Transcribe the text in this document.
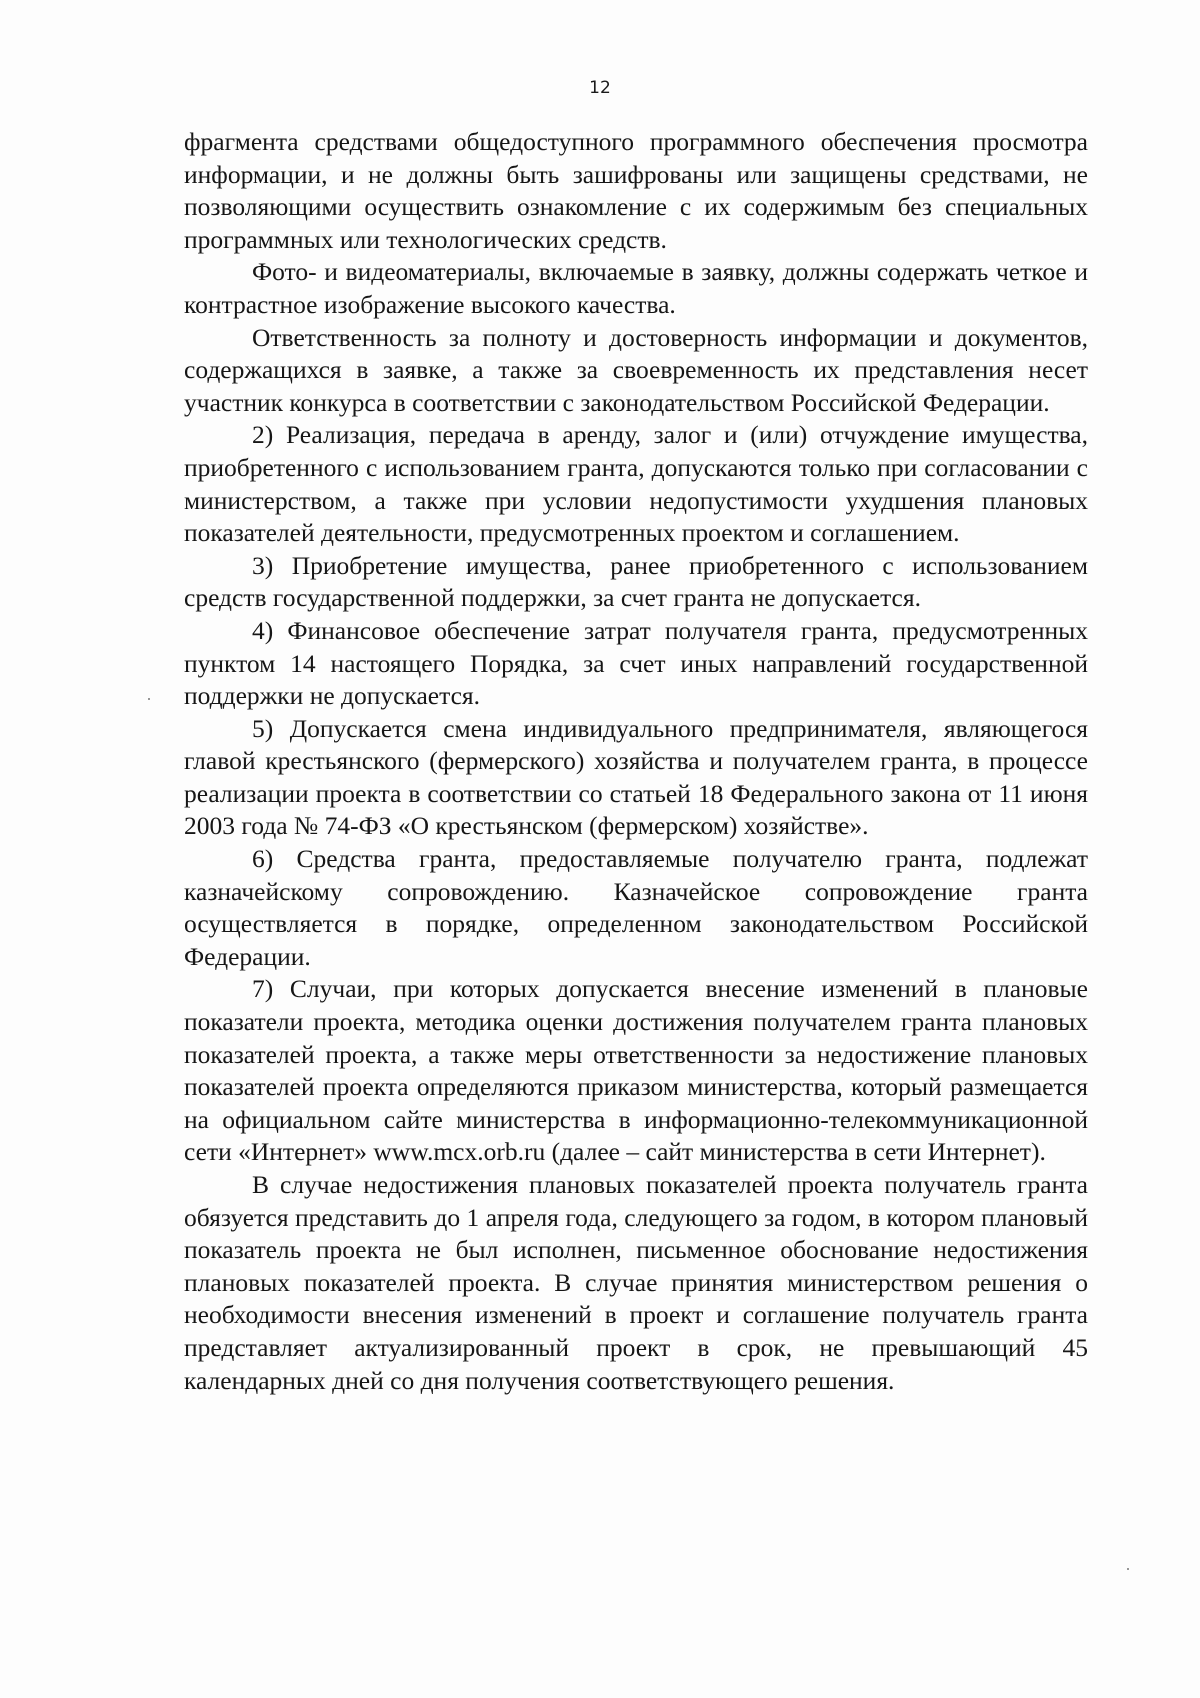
12

фрагмента средствами общедоступного программного обеспечения просмотра информации, и не должны быть зашифрованы или защищены средствами, не позволяющими осуществить ознакомление с их содержимым без специальных программных или технологических средств.

Фото- и видеоматериалы, включаемые в заявку, должны содержать четкое и контрастное изображение высокого качества.

Ответственность за полноту и достоверность информации и документов, содержащихся в заявке, а также за своевременность их представления несет участник конкурса в соответствии с законодательством Российской Федерации.

2) Реализация, передача в аренду, залог и (или) отчуждение имущества, приобретенного с использованием гранта, допускаются только при согласовании с министерством, а также при условии недопустимости ухудшения плановых показателей деятельности, предусмотренных проектом и соглашением.

3) Приобретение имущества, ранее приобретенного с использованием средств государственной поддержки, за счет гранта не допускается.

4) Финансовое обеспечение затрат получателя гранта, предусмотренных пунктом 14 настоящего Порядка, за счет иных направлений государственной поддержки не допускается.

5) Допускается смена индивидуального предпринимателя, являющегося главой крестьянского (фермерского) хозяйства и получателем гранта, в процессе реализации проекта в соответствии со статьей 18 Федерального закона от 11 июня 2003 года № 74-ФЗ «О крестьянском (фермерском) хозяйстве».

6) Средства гранта, предоставляемые получателю гранта, подлежат казначейскому сопровождению. Казначейское сопровождение гранта осуществляется в порядке, определенном законодательством Российской Федерации.

7) Случаи, при которых допускается внесение изменений в плановые показатели проекта, методика оценки достижения получателем гранта плановых показателей проекта, а также меры ответственности за недостижение плановых показателей проекта определяются приказом министерства, который размещается на официальном сайте министерства в информационно-телекоммуникационной сети «Интернет» www.mcx.orb.ru (далее – сайт министерства в сети Интернет).

В случае недостижения плановых показателей проекта получатель гранта обязуется представить до 1 апреля года, следующего за годом, в котором плановый показатель проекта не был исполнен, письменное обоснование недостижения плановых показателей проекта. В случае принятия министерством решения о необходимости внесения изменений в проект и соглашение получатель гранта представляет актуализированный проект в срок, не превышающий 45 календарных дней со дня получения соответствующего решения.
